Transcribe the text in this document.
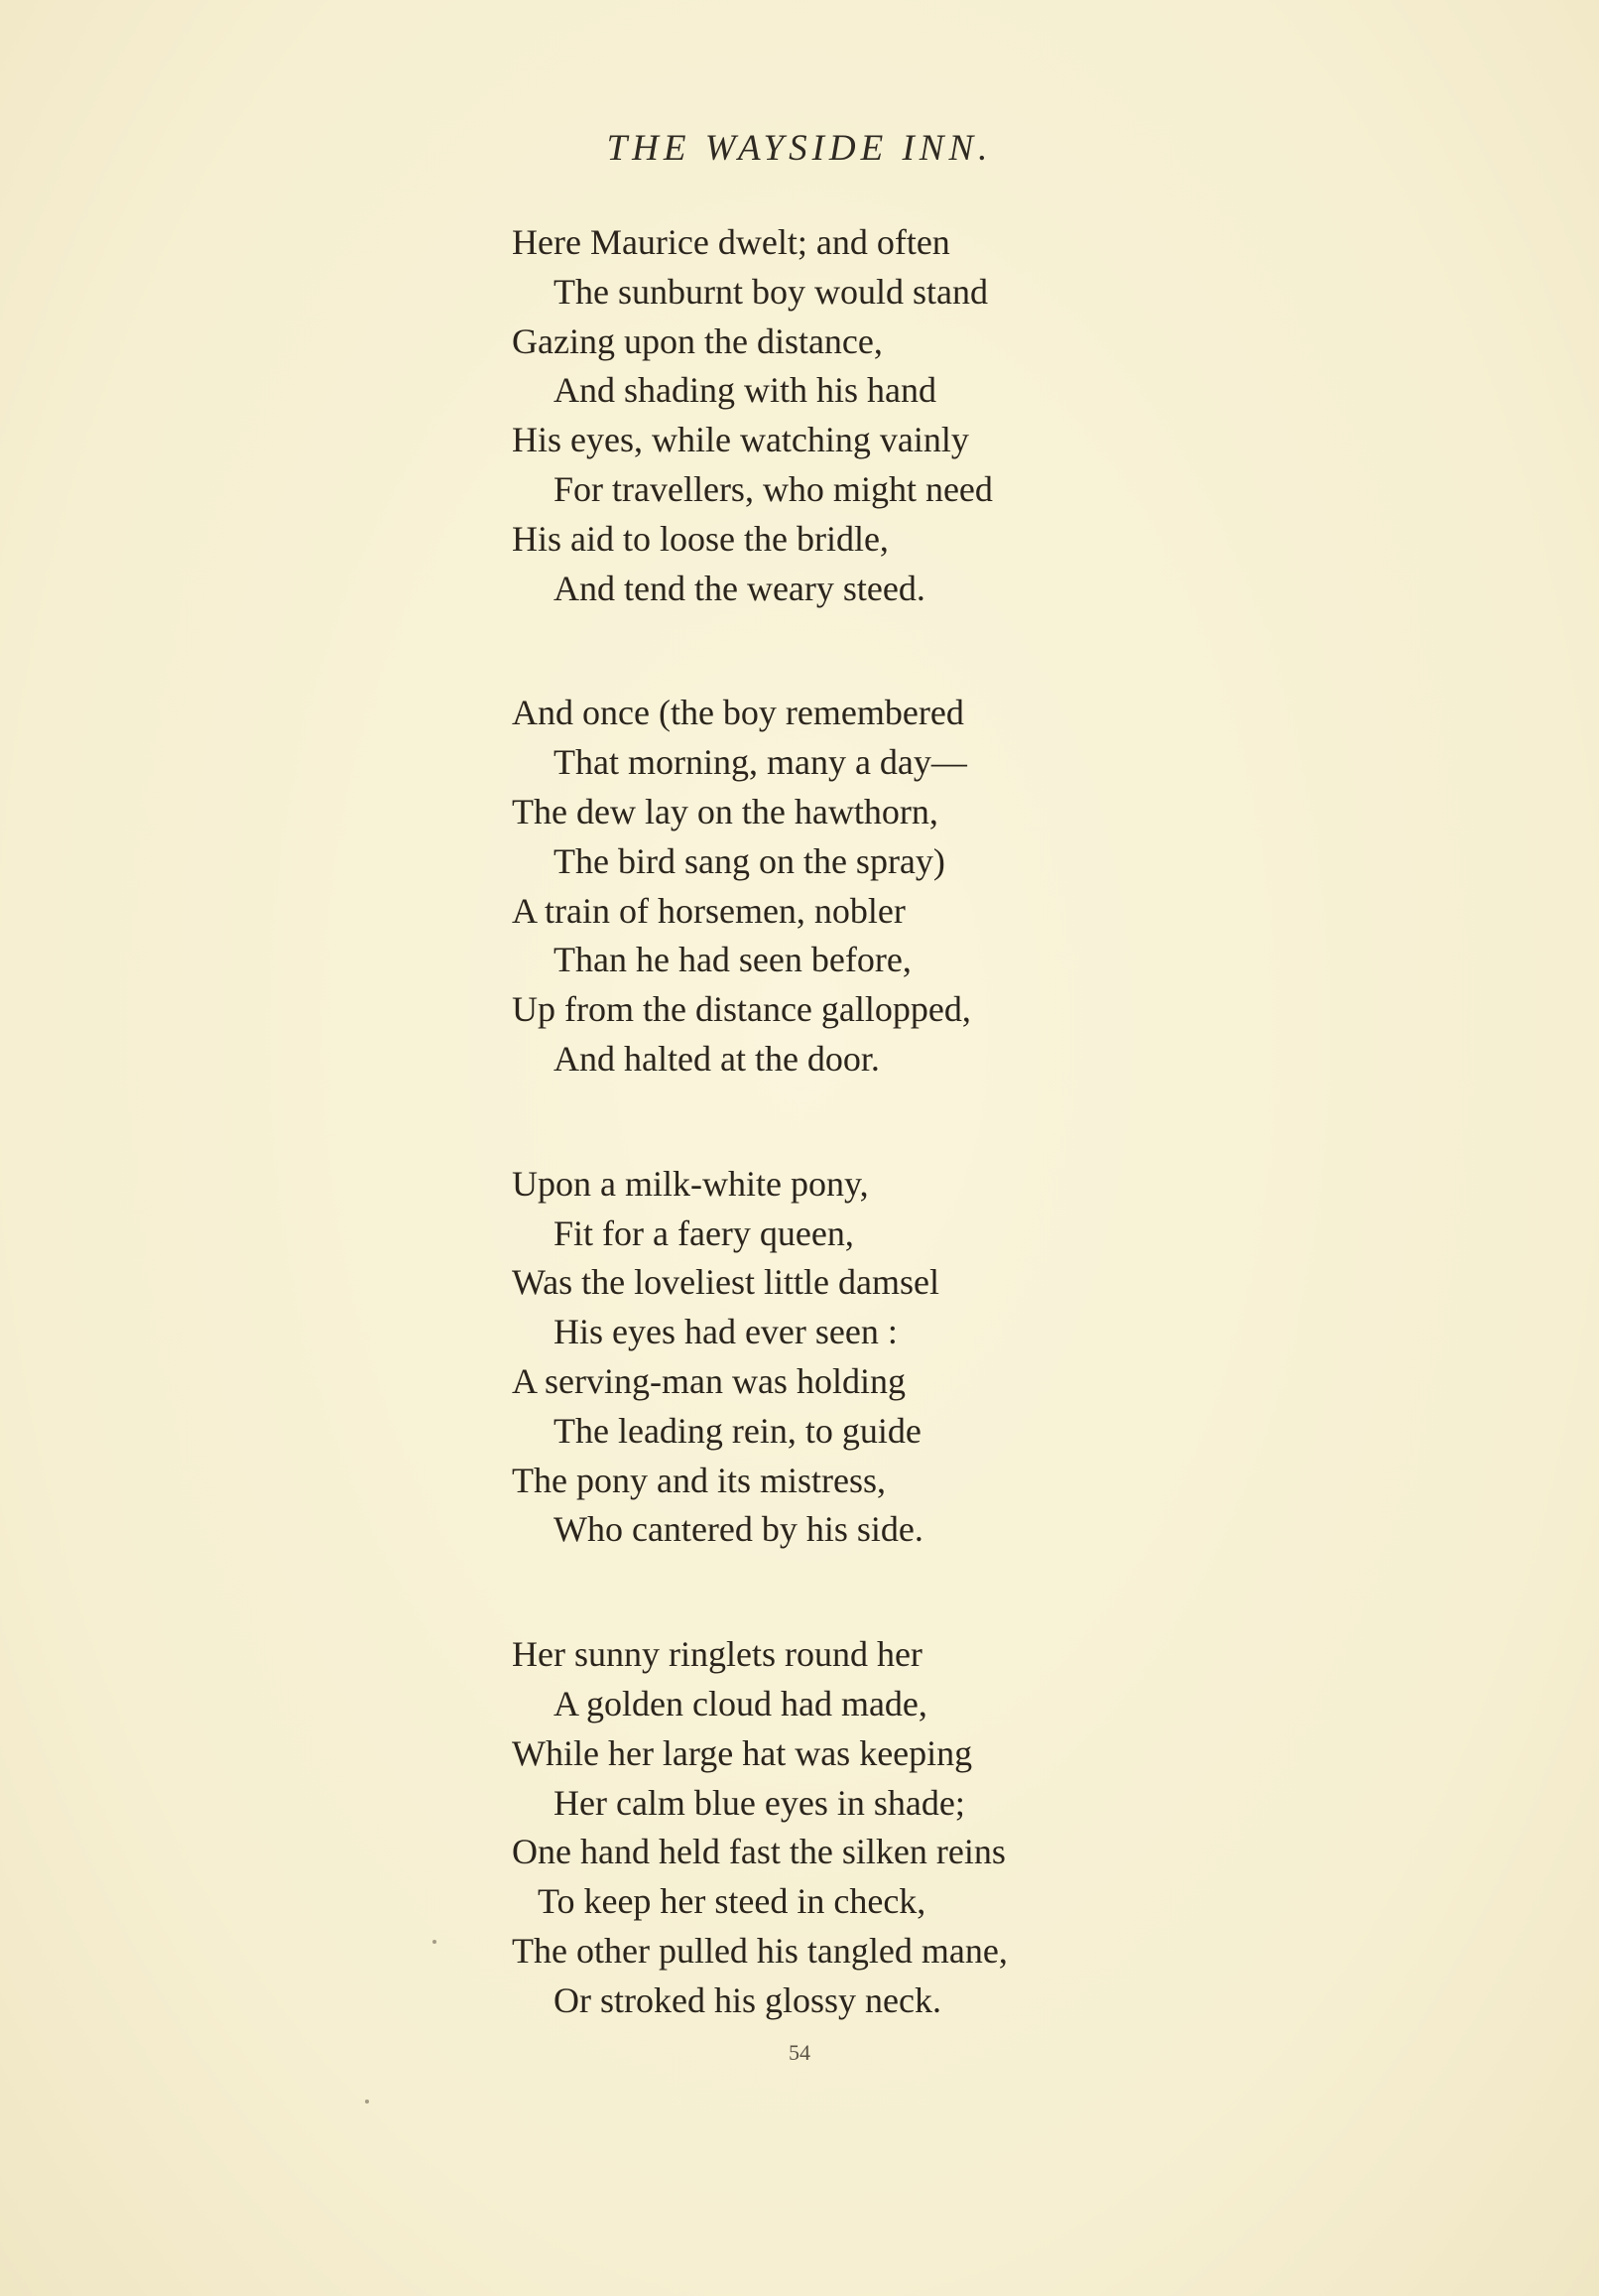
THE WAYSIDE INN.
Here Maurice dwelt; and often
The sunburnt boy would stand
Gazing upon the distance,
And shading with his hand
His eyes, while watching vainly
For travellers, who might need
His aid to loose the bridle,
And tend the weary steed.
And once (the boy remembered
That morning, many a day—
The dew lay on the hawthorn,
The bird sang on the spray)
A train of horsemen, nobler
Than he had seen before,
Up from the distance gallopped,
And halted at the door.
Upon a milk-white pony,
Fit for a faery queen,
Was the loveliest little damsel
His eyes had ever seen :
A serving-man was holding
The leading rein, to guide
The pony and its mistress,
Who cantered by his side.
Her sunny ringlets round her
A golden cloud had made,
While her large hat was keeping
Her calm blue eyes in shade;
One hand held fast the silken reins
To keep her steed in check,
The other pulled his tangled mane,
Or stroked his glossy neck.
54
